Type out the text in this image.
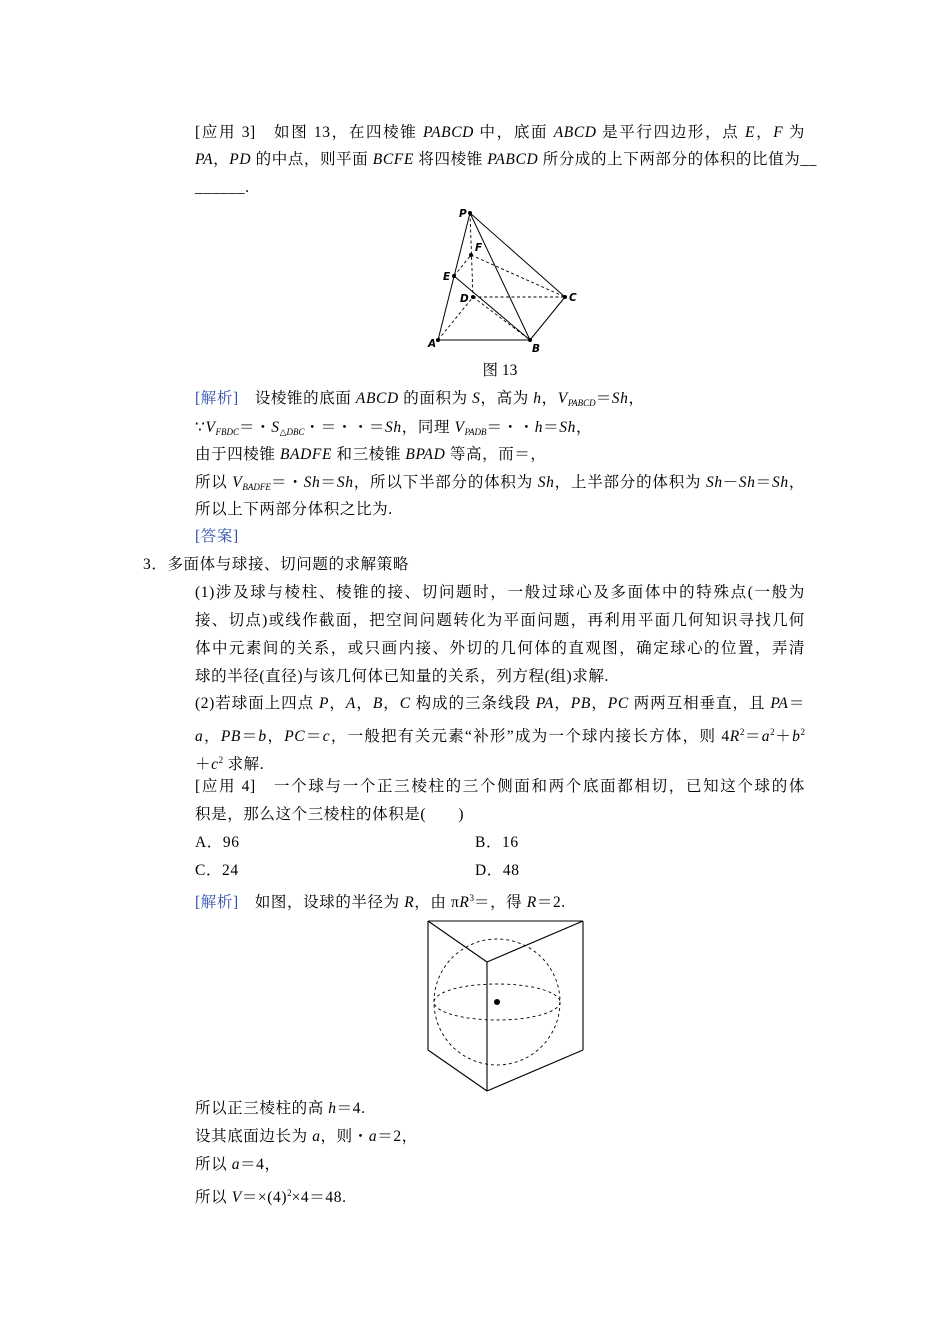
[应用 3]　如图 13，在四棱锥 PABCD 中，底面 ABCD 是平行四边形，点 E，F 为
PA，PD 的中点，则平面 BCFE 将四棱锥 PABCD 所分成的上下两部分的体积的比值为__
______.
P
F
E
D	C
A	B
图 13
[解析]　设棱锥的底面 ABCD 的面积为 S，高为 h，$V_{PABCD}=Sh$，
$\because V_{FBDC}=$・$S_{\triangle DBC}$・＝・・＝Sh，同理 $V_{PADB}=$・・h＝Sh，
由于四棱锥 BADFE 和三棱锥 BPAD 等高，而＝，
所以 $V_{BADFE}=$・Sh＝Sh，所以下半部分的体积为 Sh，上半部分的体积为 Sh－Sh＝Sh，
所以上下两部分体积之比为.
[答案]
3．多面体与球接、切问题的求解策略
(1)涉及球与棱柱、棱锥的接、切问题时，一般过球心及多面体中的特殊点(一般为
接、切点)或线作截面，把空间问题转化为平面问题，再利用平面几何知识寻找几何
体中元素间的关系，或只画内接、外切的几何体的直观图，确定球心的位置，弄清
球的半径(直径)与该几何体已知量的关系，列方程(组)求解.
(2)若球面上四点 P，A，B，C 构成的三条线段 PA，PB，PC 两两互相垂直，且 PA＝
a，PB＝b，PC＝c，一般把有关元素“补形”成为一个球内接长方体，则 $4R^2=a^2+b^2$
$+c^2$ 求解.
[应用 4]　一个球与一个正三棱柱的三个侧面和两个底面都相切，已知这个球的体
积是，那么这个三棱柱的体积是(　　)
A．96	B．16
C．24	D．48
[解析]　如图，设球的半径为 R，由 $\pi R^3=$，得 R＝2.
所以正三棱柱的高 h＝4.
设其底面边长为 a，则・a＝2，
所以 a＝4，
所以 $V=\times(4)^2\times 4=48$.
